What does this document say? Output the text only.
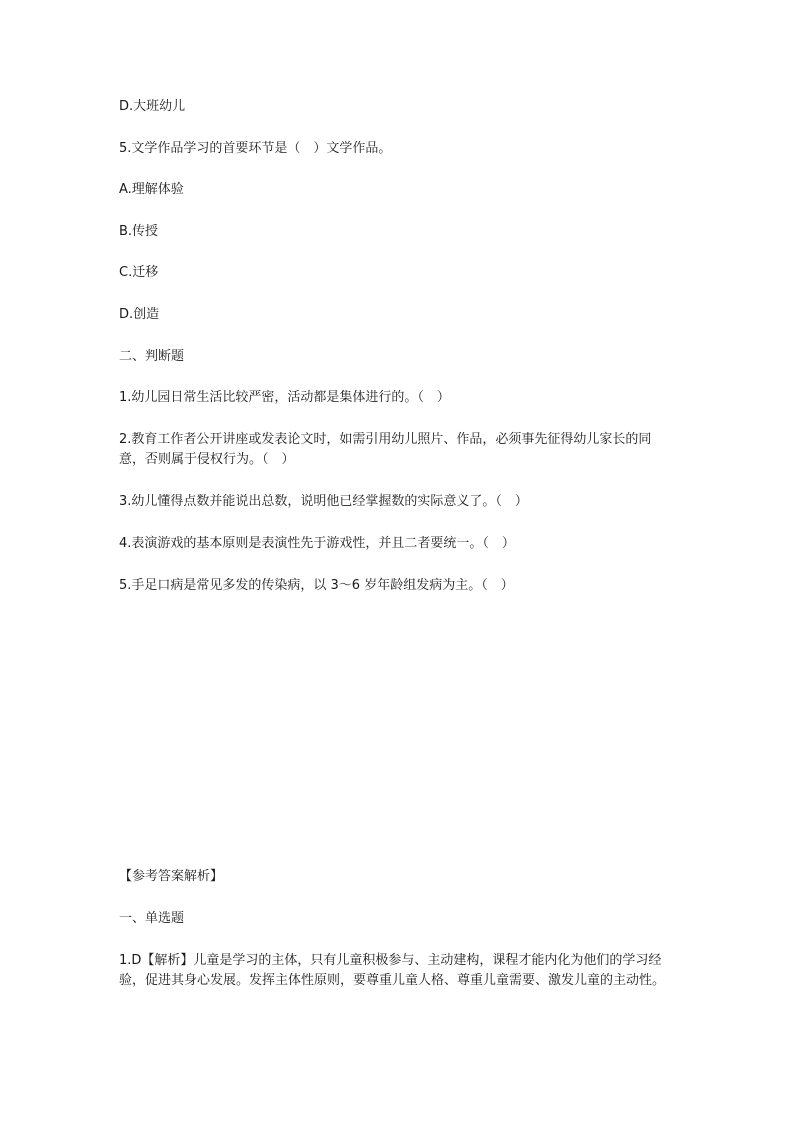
D.大班幼儿
5.文学作品学习的首要环节是（　）文学作品。
A.理解体验
B.传授
C.迁移
D.创造
二、判断题
1.幼儿园日常生活比较严密，活动都是集体进行的。（　）
2.教育工作者公开讲座或发表论文时，如需引用幼儿照片、作品，必须事先征得幼儿家长的同意，否则属于侵权行为。（　）
3.幼儿懂得点数并能说出总数，说明他已经掌握数的实际意义了。（　）
4.表演游戏的基本原则是表演性先于游戏性，并且二者要统一。（　）
5.手足口病是常见多发的传染病，以 3～6 岁年龄组发病为主。（　）
【参考答案解析】
一、单选题
1.D【解析】儿童是学习的主体，只有儿童积极参与、主动建构，课程才能内化为他们的学习经验，促进其身心发展。发挥主体性原则，要尊重儿童人格、尊重儿童需要、激发儿童的主动性。
